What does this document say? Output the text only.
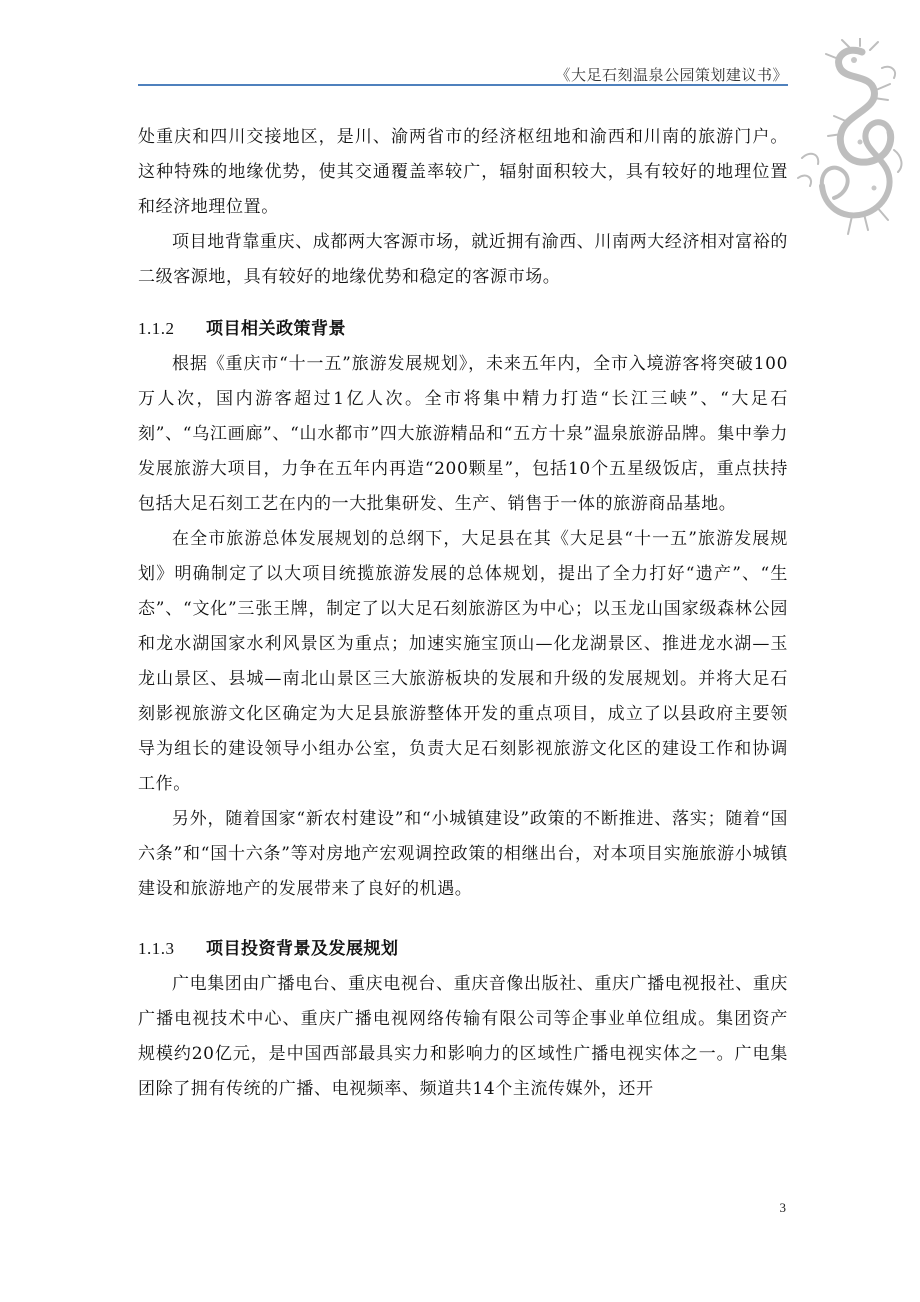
《大足石刻温泉公园策划建议书》

处重庆和四川交接地区，是川、渝两省市的经济枢纽地和渝西和川南的旅游门户。这种特殊的地缘优势，使其交通覆盖率较广，辐射面积较大，具有较好的地理位置和经济地理位置。

项目地背靠重庆、成都两大客源市场，就近拥有渝西、川南两大经济相对富裕的二级客源地，具有较好的地缘优势和稳定的客源市场。

1.1.2 项目相关政策背景

根据《重庆市“十一五”旅游发展规划》，未来五年内，全市入境游客将突破100万人次，国内游客超过1亿人次。全市将集中精力打造“长江三峡”、“大足石刻”、“乌江画廊”、“山水都市”四大旅游精品和“五方十泉”温泉旅游品牌。集中拳力发展旅游大项目，力争在五年内再造“200颗星”，包括10个五星级饭店，重点扶持包括大足石刻工艺在内的一大批集研发、生产、销售于一体的旅游商品基地。

在全市旅游总体发展规划的总纲下，大足县在其《大足县“十一五”旅游发展规划》明确制定了以大项目统揽旅游发展的总体规划，提出了全力打好“遗产”、“生态”、“文化”三张王牌，制定了以大足石刻旅游区为中心；以玉龙山国家级森林公园和龙水湖国家水利风景区为重点；加速实施宝顶山—化龙湖景区、推进龙水湖—玉龙山景区、县城—南北山景区三大旅游板块的发展和升级的发展规划。并将大足石刻影视旅游文化区确定为大足县旅游整体开发的重点项目，成立了以县政府主要领导为组长的建设领导小组办公室，负责大足石刻影视旅游文化区的建设工作和协调工作。

另外，随着国家“新农村建设”和“小城镇建设”政策的不断推进、落实；随着“国六条”和“国十六条”等对房地产宏观调控政策的相继出台，对本项目实施旅游小城镇建设和旅游地产的发展带来了良好的机遇。

1.1.3 项目投资背景及发展规划

广电集团由广播电台、重庆电视台、重庆音像出版社、重庆广播电视报社、重庆广播电视技术中心、重庆广播电视网络传输有限公司等企事业单位组成。集团资产规模约20亿元，是中国西部最具实力和影响力的区域性广播电视实体之一。广电集团除了拥有传统的广播、电视频率、频道共14个主流传媒外，还开

3
